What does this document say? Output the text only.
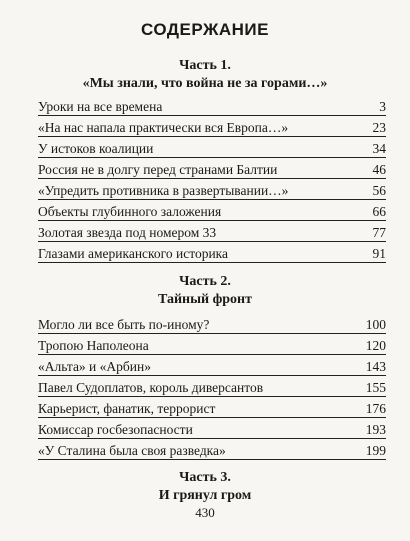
СОДЕРЖАНИЕ
Часть 1.
«Мы знали, что война не за горами…»
Уроки на все времена	3
«На нас напала практически вся Европа…»	23
У истоков коалиции	34
Россия не в долгу перед странами Балтии	46
«Упредить противника в развертывании…»	56
Объекты глубинного заложения	66
Золотая звезда под номером 33	77
Глазами американского историка	91
Часть 2.
Тайный фронт
Могло ли все быть по-иному?	100
Тропою Наполеона	120
«Альта» и «Арбин»	143
Павел Судоплатов, король диверсантов	155
Карьерист, фанатик, террорист	176
Комиссар госбезопасности	193
«У Сталина была своя разведка»	199
Часть 3.
И грянул гром
430
